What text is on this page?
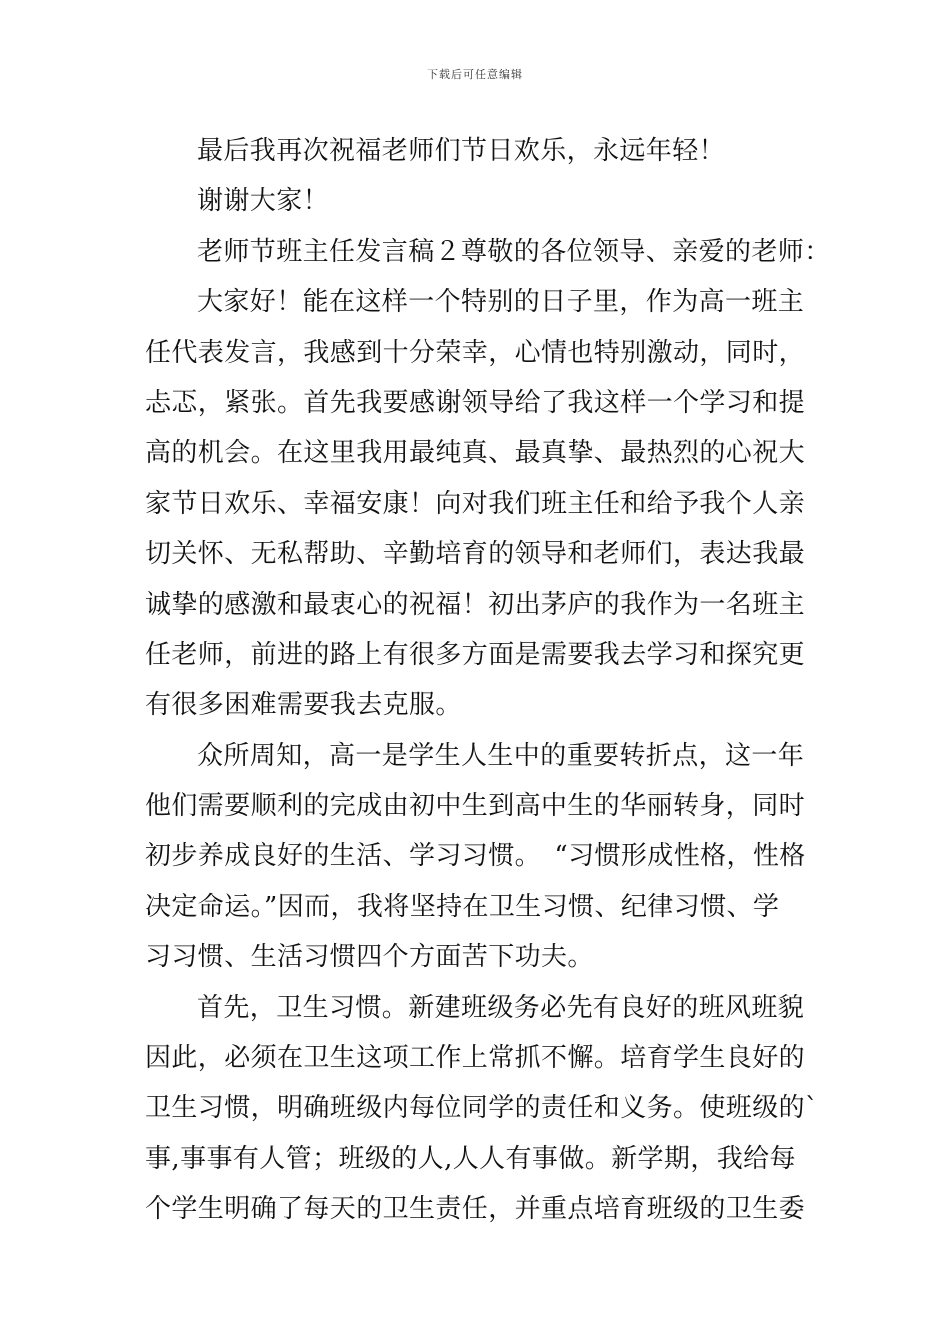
下载后可任意编辑
最后我再次祝福老师们节日欢乐，永远年轻！
谢谢大家！
老师节班主任发言稿２尊敬的各位领导、亲爱的老师：
大家好！能在这样一个特别的日子里，作为高一班主
任代表发言，我感到十分荣幸，心情也特别激动，同时，
忐忑，紧张。首先我要感谢领导给了我这样一个学习和提
高的机会。在这里我用最纯真、最真挚、最热烈的心祝大
家节日欢乐、幸福安康！向对我们班主任和给予我个人亲
切关怀、无私帮助、辛勤培育的领导和老师们，表达我最
诚挚的感激和最衷心的祝福！初出茅庐的我作为一名班主
任老师，前进的路上有很多方面是需要我去学习和探究更
有很多困难需要我去克服。
众所周知，高一是学生人生中的重要转折点，这一年
他们需要顺利的完成由初中生到高中生的华丽转身，同时
初步养成良好的生活、学习习惯。　“习惯形成性格，性格
决定命运。”因而，我将坚持在卫生习惯、纪律习惯、学
习习惯、生活习惯四个方面苦下功夫。
首先，卫生习惯。新建班级务必先有良好的班风班貌
因此，必须在卫生这项工作上常抓不懈。培育学生良好的
卫生习惯，明确班级内每位同学的责任和义务。使班级的`
事,事事有人管；班级的人,人人有事做。新学期，我给每
个学生明确了每天的卫生责任，并重点培育班级的卫生委
